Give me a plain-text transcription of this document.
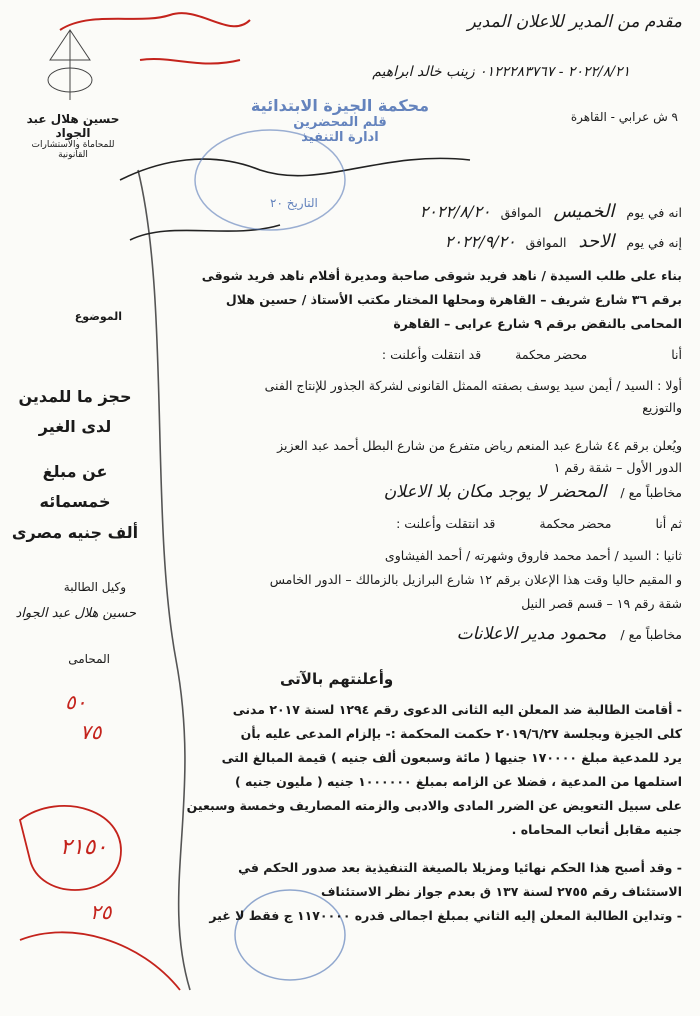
مقدم من المدير للاعلان المدير
٢٠٢٢/٨/٢١ - ٠١٢٢٢٨٣٧٦٧ زينب خالد ابراهيم
حسين هلال عبد الجواد
للمحاماة والاستشارات القانونية
٩ ش عرابي - القاهرة
محكمة الجيزة الابتدائية
قلم المحضرين
ادارة التنفيذ
التاريخ ٢٠
انه في يوم الخميس الموافق ٢٠٢٢/٨/٢٠
إنه في يوم الاحد الموافق ٢٠٢٢/٩/٢٠
بناء على طلب السيدة / ناهد فريد شوقى صاحبة ومديرة أفلام ناهد فريد شوقى
برقم ٣٦ شارع شريف – القاهرة ومحلها المختار مكتب الأستاذ / حسين هلال
المحامى بالنقض برقم ٩ شارع عرابى – القاهرة
أنا محضر محكمة قد انتقلت وأعلنت :
أولا : السيد / أيمن سيد يوسف بصفته الممثل القانونى لشركة الجذور للإنتاج الفنى
والتوزيع
ويُعلن برقم ٤٤ شارع عبد المنعم رياض متفرع من شارع البطل أحمد عبد العزيز
الدور الأول – شقة رقم ١
مخاطباً مع / المحضر لا يوجد مكان بلا الاعلان
ثم أنا محضر محكمة قد انتقلت وأعلنت :
ثانيا : السيد / أحمد محمد فاروق وشهرته / أحمد الفيشاوى
و المقيم حاليا وقت هذا الإعلان برقم ١٢ شارع البرازيل بالزمالك – الدور الخامس
شقة رقم ١٩ – قسم قصر النيل
مخاطباً مع / محمود مدير الاعلانات
وأعلنتهم بالآتى
- أقامت الطالبة ضد المعلن اليه الثانى الدعوى رقم ١٢٩٤ لسنة ٢٠١٧ مدنى
كلى الجيزة وبجلسة ٢٠١٩/٦/٢٧ حكمت المحكمة :- بإلزام المدعى عليه بأن
يرد للمدعية مبلغ ١٧٠٠٠٠ جنيها ( مائة وسبعون ألف جنيه ) قيمة المبالغ التى
استلمها من المدعية ، فضلا عن الزامه بمبلغ ١٠٠٠٠٠٠ جنيه ( مليون جنيه )
على سبيل التعويض عن الضرر المادى والادبى والزمته المصاريف وخمسة وسبعين
جنيه مقابل أتعاب المحاماه .
- وقد أصبح هذا الحكم نهائيا ومزيلا بالصيغة التنفيذية بعد صدور الحكم في
الاستئناف رقم ٢٧٥٥ لسنة ١٣٧ ق بعدم جواز نظر الاستئناف
- وتداين الطالبة المعلن إليه الثاني بمبلغ اجمالى قدره ١١٧٠٠٠٠ ج فقط لا غير
الموضوع
حجز ما للمدين
لدى الغير
عن مبلغ خمسمائه
ألف جنيه مصرى
وكيل الطالبة
حسين هلال عبد الجواد
المحامى
٥٠
٧٥
٢١٥٠
٢٥
